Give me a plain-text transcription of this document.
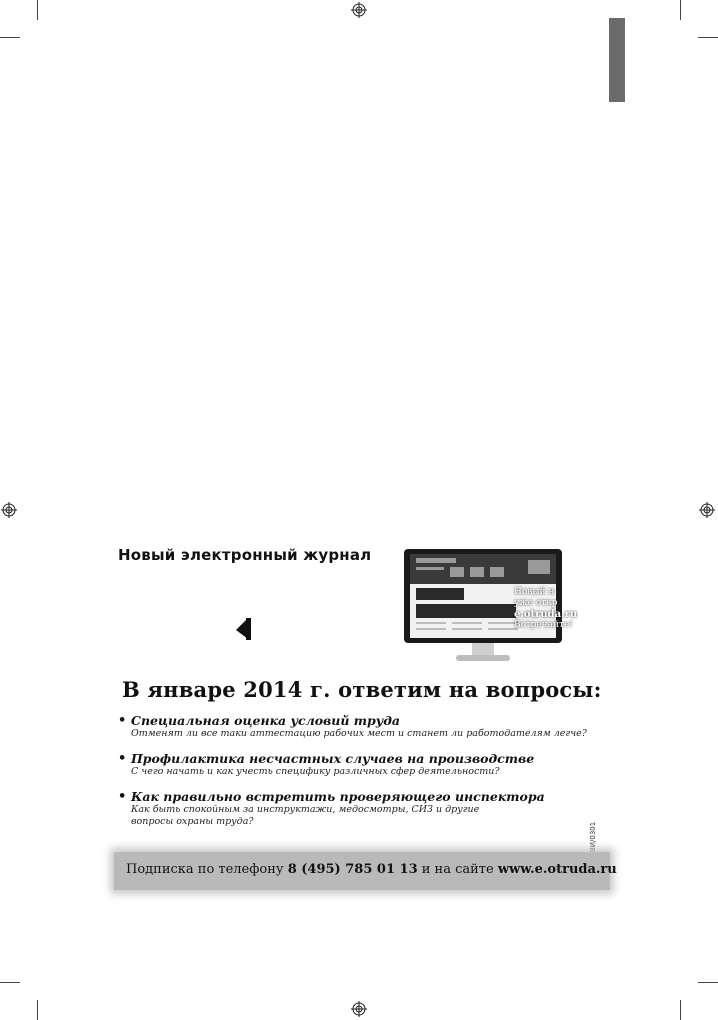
Новый электронный журнал
Новый н
уже откр
e.otruda.ru
Встречайте!
В январе 2014 г. ответим на вопросы:
• Специальная оценка условий труда
Отменят ли все таки аттестацию рабочих мест и станет ли работодателям легче?
• Профилактика несчастных случаев на производстве
С чего начать и как учесть специфику различных сфер деятельности?
• Как правильно встретить проверяющего инспектора
Как быть спокойным за инструктажи, медосмотры, СИЗ и другие вопросы охраны труда?
ВИ/0301
Подписка по телефону 8 (495) 785 01 13 и на сайте www.e.otruda.ru
